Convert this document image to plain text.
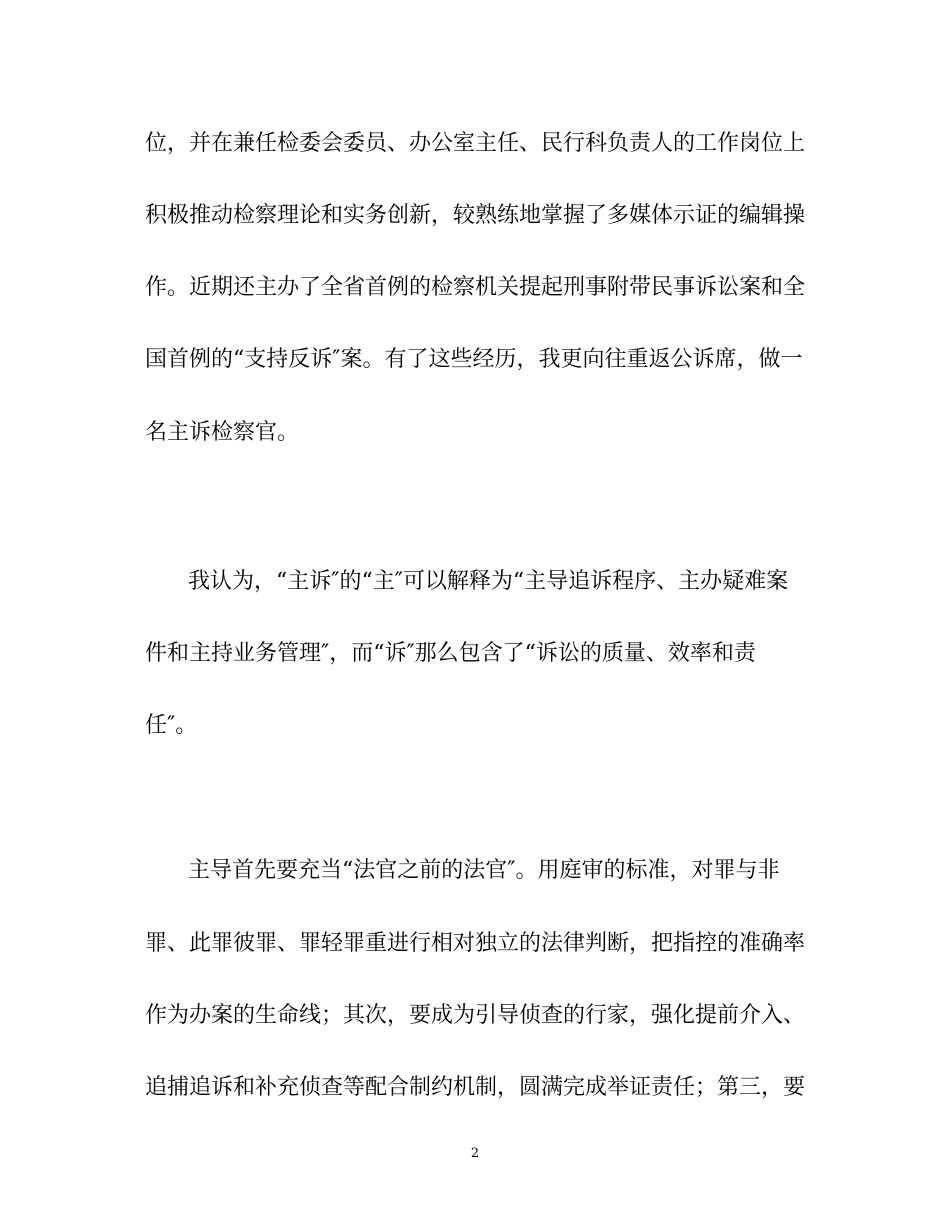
位，并在兼任检委会委员、办公室主任、民行科负责人的工作岗位上
积极推动检察理论和实务创新，较熟练地掌握了多媒体示证的编辑操
作。近期还主办了全省首例的检察机关提起刑事附带民事诉讼案和全
国首例的“支持反诉″案。有了这些经历，我更向往重返公诉席，做一
名主诉检察官。
我认为，“主诉″的“主″可以解释为“主导追诉程序、主办疑难案
件和主持业务管理″，而“诉″那么包含了“诉讼的质量、效率和责
任″。
主导首先要充当“法官之前的法官″。用庭审的标准，对罪与非
罪、此罪彼罪、罪轻罪重进行相对独立的法律判断，把指控的准确率
作为办案的生命线；其次，要成为引导侦查的行家，强化提前介入、
追捕追诉和补充侦查等配合制约机制，圆满完成举证责任；第三，要
2
